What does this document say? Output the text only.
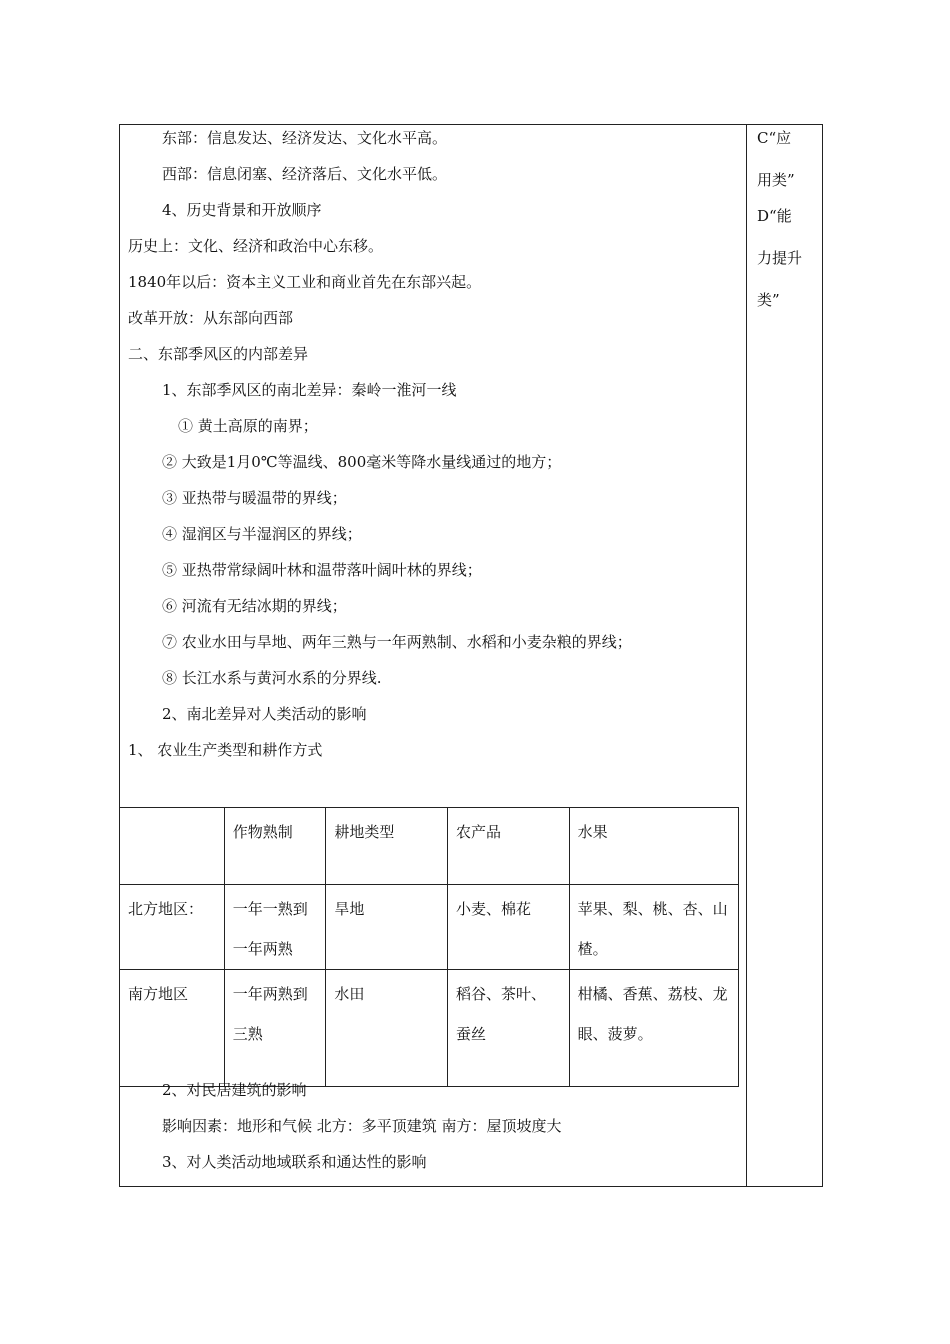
东部：信息发达、经济发达、文化水平高。
西部：信息闭塞、经济落后、文化水平低。
4、历史背景和开放顺序
历史上：文化、经济和政治中心东移。
1840年以后：资本主义工业和商业首先在东部兴起。
改革开放：从东部向西部
二、东部季风区的内部差异
1、东部季风区的南北差异：秦岭一淮河一线
① 黄土高原的南界；
② 大致是1月0℃等温线、800毫米等降水量线通过的地方；
③ 亚热带与暖温带的界线；
④ 湿润区与半湿润区的界线；
⑤ 亚热带常绿阔叶林和温带落叶阔叶林的界线；
⑥ 河流有无结冰期的界线；
⑦ 农业水田与旱地、两年三熟与一年两熟制、水稻和小麦杂粮的界线；
⑧ 长江水系与黄河水系的分界线.
2、南北差异对人类活动的影响
1、 农业生产类型和耕作方式
	作物熟制	耕地类型	农产品	水果
北方地区：	一年一熟到一年两熟	旱地	小麦、棉花	苹果、梨、桃、杏、山楂。
南方地区	一年两熟到三熟	水田	稻谷、茶叶、蚕丝	柑橘、香蕉、荔枝、龙眼、菠萝。
2、对民居建筑的影响
影响因素：地形和气候 北方：多平顶建筑 南方：屋顶坡度大
3、对人类活动地域联系和通达性的影响
C“应
用类”
D“能
力提升
类”
